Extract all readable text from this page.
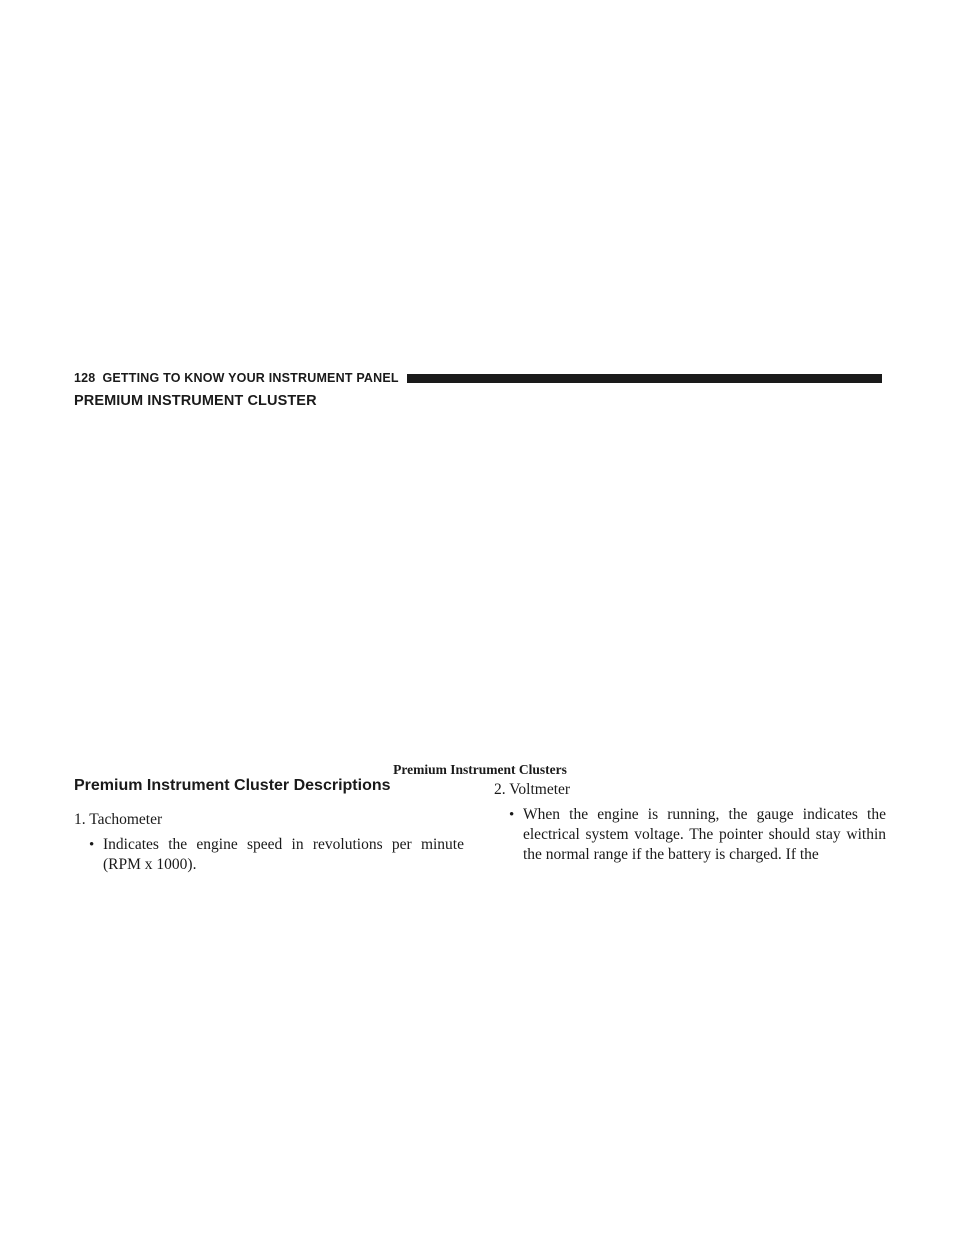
128 GETTING TO KNOW YOUR INSTRUMENT PANEL
PREMIUM INSTRUMENT CLUSTER
Premium Instrument Clusters
Premium Instrument Cluster Descriptions

1. Tachometer

• Indicates the engine speed in revolutions per minute (RPM x 1000).

2. Voltmeter

• When the engine is running, the gauge indicates the electrical system voltage. The pointer should stay within the normal range if the battery is charged. If the
